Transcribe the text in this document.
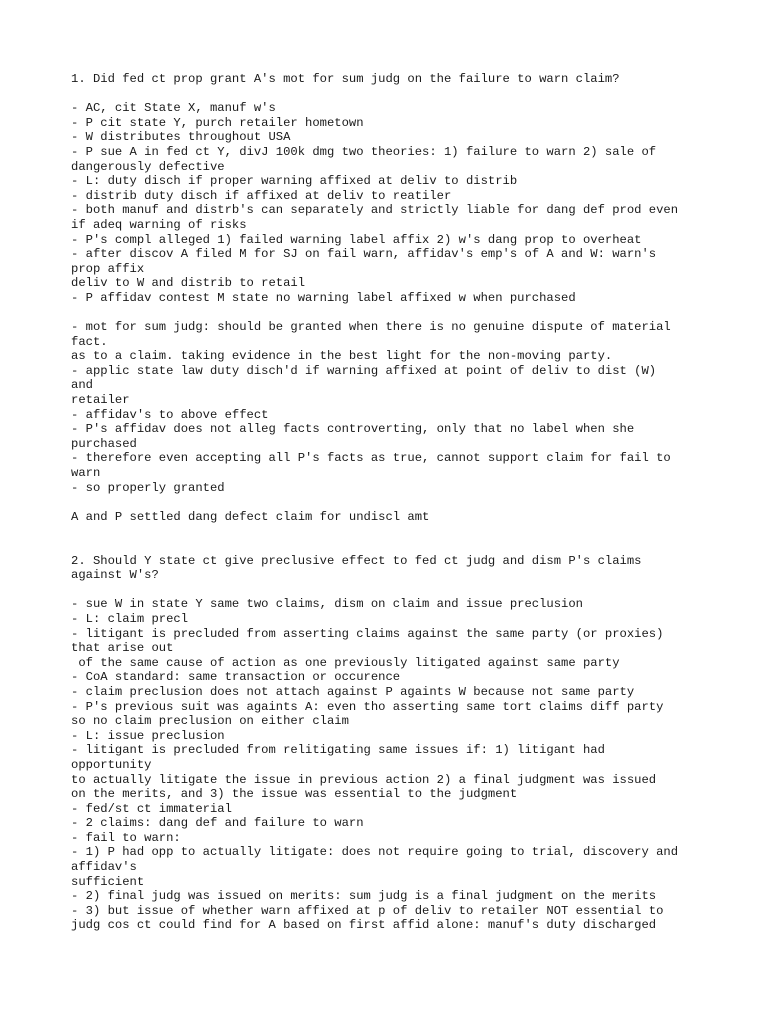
1. Did fed ct prop grant A's mot for sum judg on the failure to warn claim?
- AC, cit State X, manuf w's
- P cit state Y, purch retailer hometown
- W distributes throughout USA
- P sue A in fed ct Y, divJ 100k dmg two theories: 1) failure to warn 2) sale of
dangerously defective
- L: duty disch if proper warning affixed at deliv to distrib
- distrib duty disch if affixed at deliv to reatiler
- both manuf and distrb's can separately and strictly liable for dang def prod even
if adeq warning of risks
- P's compl alleged 1) failed warning label affix 2) w's dang prop to overheat
- after discov A filed M for SJ on fail warn, affidav's emp's of A and W: warn's
prop affix
deliv to W and distrib to retail
- P affidav contest M state no warning label affixed w when purchased
- mot for sum judg: should be granted when there is no genuine dispute of material
fact.
as to a claim. taking evidence in the best light for the non-moving party.
- applic state law duty disch'd if warning affixed at point of deliv to dist (W)
and
retailer
- affidav's to above effect
- P's affidav does not alleg facts controverting, only that no label when she
purchased
- therefore even accepting all P's facts as true, cannot support claim for fail to
warn
- so properly granted
A and P settled dang defect claim for undiscl amt
2. Should Y state ct give preclusive effect to fed ct judg and dism P's claims
against W's?
- sue W in state Y same two claims, dism on claim and issue preclusion
- L: claim precl
- litigant is precluded from asserting claims against the same party (or proxies)
that arise out
of the same cause of action as one previously litigated against same party
- CoA standard: same transaction or occurence
- claim preclusion does not attach against P againts W because not same party
- P's previous suit was againts A: even tho asserting same tort claims diff party
so no claim preclusion on either claim
- L: issue preclusion
- litigant is precluded from relitigating same issues if: 1) litigant had
opportunity
to actually litigate the issue in previous action 2) a final judgment was issued
on the merits, and 3) the issue was essential to the judgment
- fed/st ct immaterial
- 2 claims: dang def and failure to warn
- fail to warn:
- 1) P had opp to actually litigate: does not require going to trial, discovery and
affidav's
sufficient
- 2) final judg was issued on merits: sum judg is a final judgment on the merits
- 3) but issue of whether warn affixed at p of deliv to retailer NOT essential to
judg cos ct could find for A based on first affid alone: manuf's duty discharged
